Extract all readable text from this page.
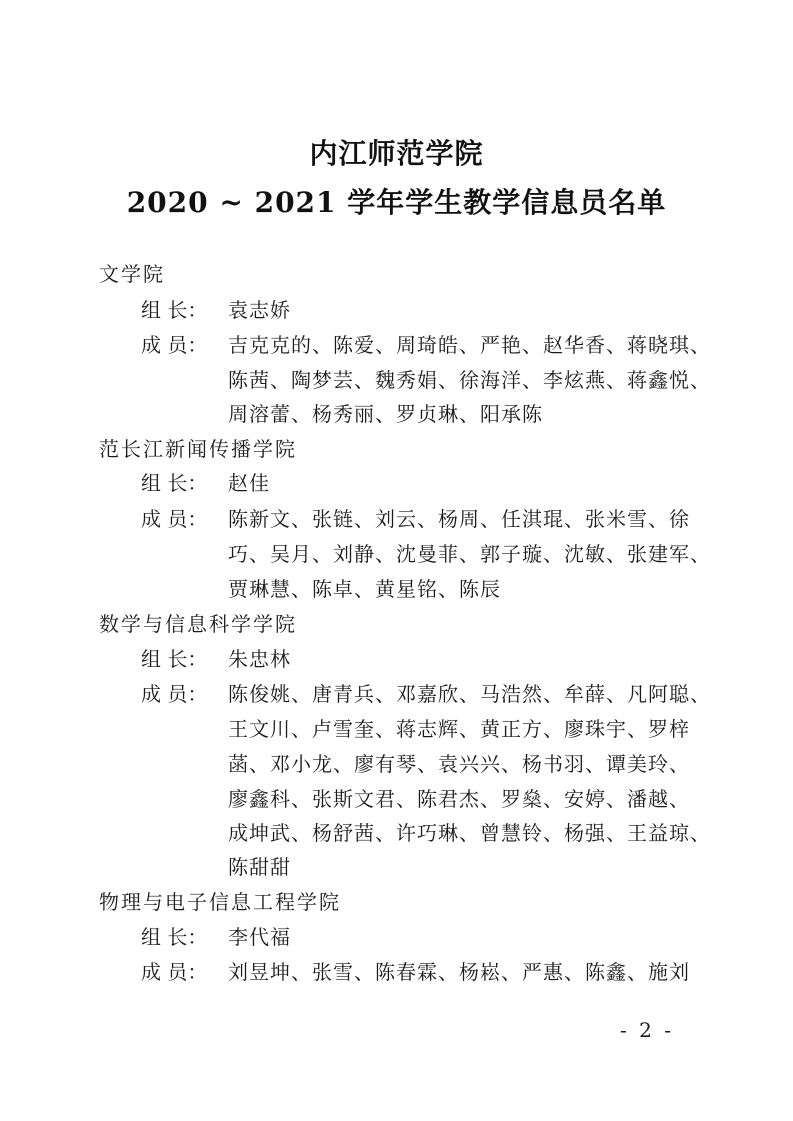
内江师范学院
2020 ~ 2021 学年学生教学信息员名单
文学院
组 长： 袁志娇
成 员： 吉克克的、陈爱、周琦皓、严艳、赵华香、蒋晓琪、
陈茜、陶梦芸、魏秀娟、徐海洋、李炫燕、蒋鑫悦、
周溶蕾、杨秀丽、罗贞琳、阳承陈
范长江新闻传播学院
组 长： 赵佳
成 员： 陈新文、张链、刘云、杨周、任淇琨、张米雪、徐
巧、吴月、刘静、沈曼菲、郭子璇、沈敏、张建军、
贾琳慧、陈卓、黄星铭、陈辰
数学与信息科学学院
组 长： 朱忠林
成 员： 陈俊姚、唐青兵、邓嘉欣、马浩然、牟薛、凡阿聪、
王文川、卢雪奎、蒋志辉、黄正方、廖珠宇、罗梓
菡、邓小龙、廖有琴、袁兴兴、杨书羽、谭美玲、
廖鑫科、张斯文君、陈君杰、罗燊、安婷、潘越、
成坤武、杨舒茜、许巧琳、曾慧铃、杨强、王益琼、
陈甜甜
物理与电子信息工程学院
组 长： 李代福
成 员： 刘昱坤、张雪、陈春霖、杨崧、严惠、陈鑫、施刘
- 2 -
